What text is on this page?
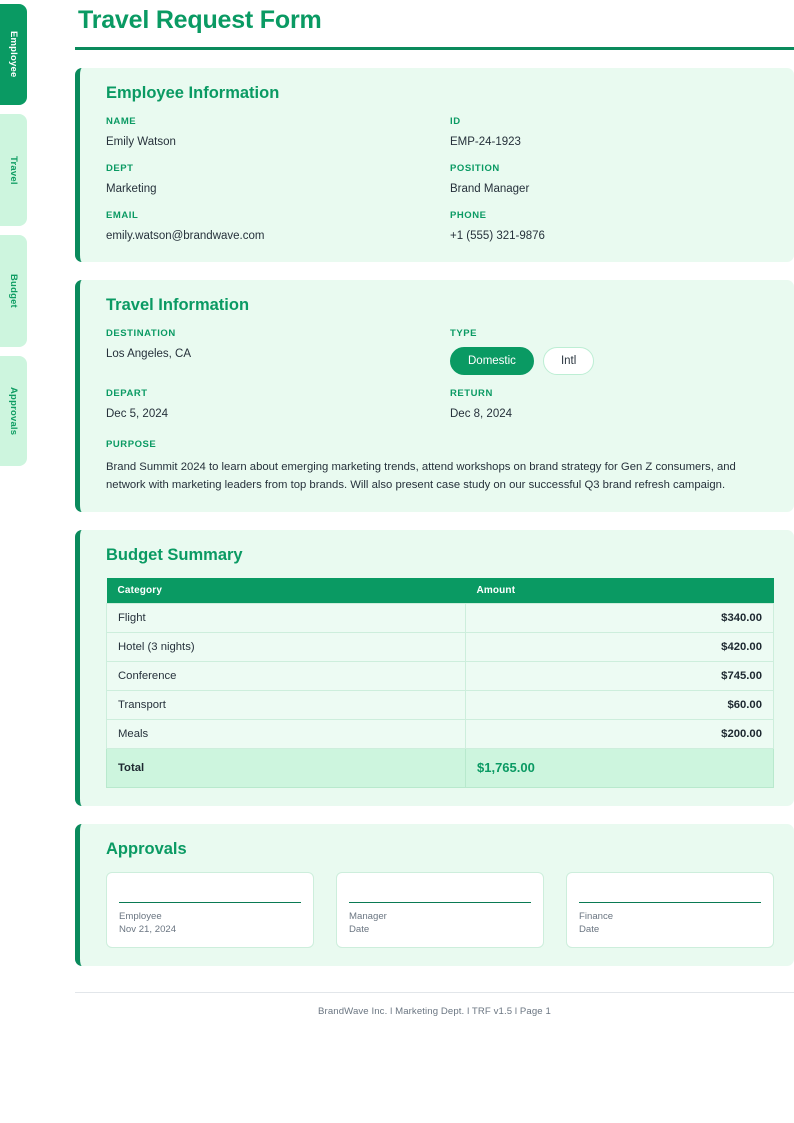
Employee
Travel
Budget
Approvals
Travel Request Form
Employee Information
NAME
Emily Watson
ID
EMP-24-1923
DEPT
Marketing
POSITION
Brand Manager
EMAIL
emily.watson@brandwave.com
PHONE
+1 (555) 321-9876
Travel Information
DESTINATION
Los Angeles, CA
TYPE
Domestic	Intl
DEPART
Dec 5, 2024
RETURN
Dec 8, 2024
PURPOSE
Brand Summit 2024 to learn about emerging marketing trends, attend workshops on brand strategy for Gen Z consumers, and network with marketing leaders from top brands. Will also present case study on our successful Q3 brand refresh campaign.
Budget Summary
Category	Amount
Flight	$340.00
Hotel (3 nights)	$420.00
Conference	$745.00
Transport	$60.00
Meals	$200.00
Total	$1,765.00
Approvals
Employee
Nov 21, 2024
Manager
Date
Finance
Date
BrandWave Inc. l Marketing Dept. l TRF v1.5 l Page 1
